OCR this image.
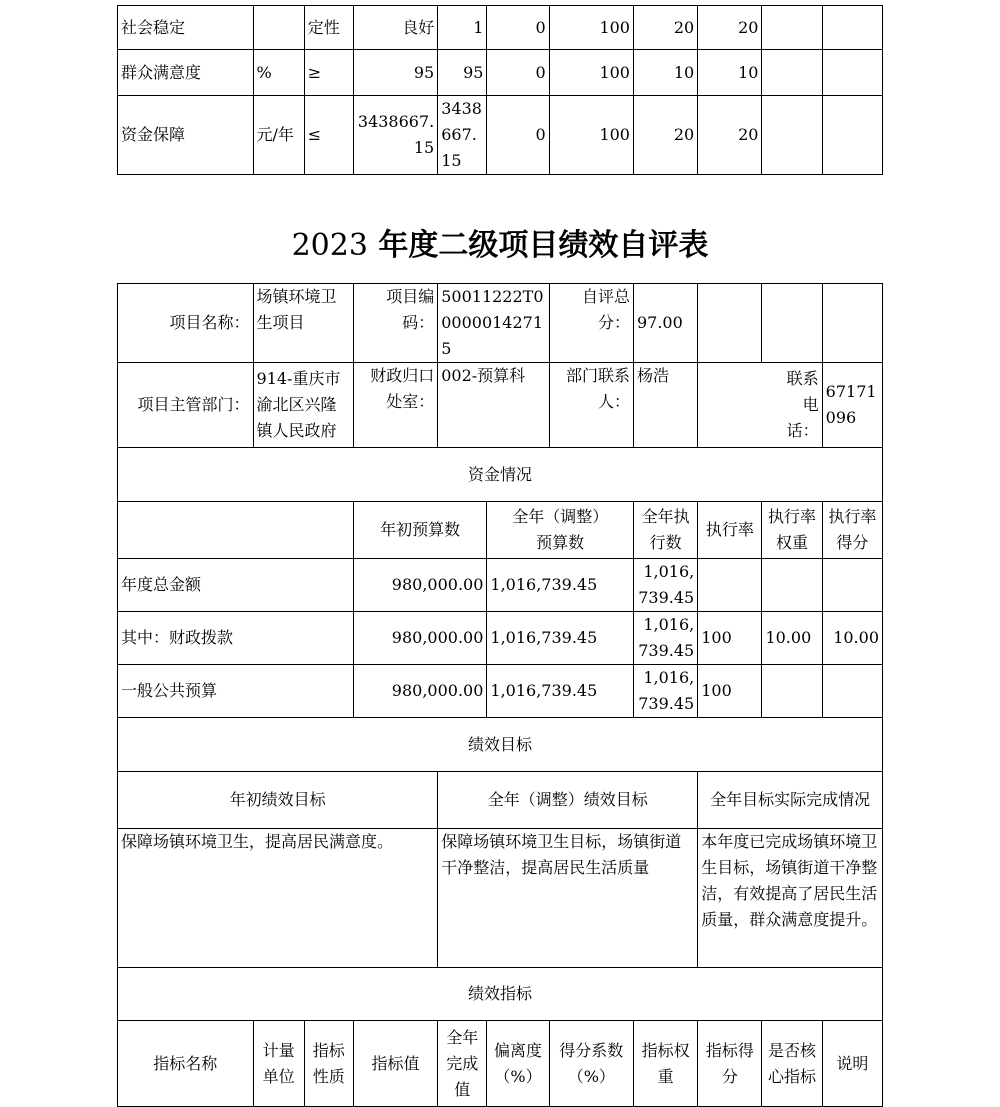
社会稳定		定性	良好	1	0	100	20	20		
群众满意度	%	≥	95	95	0	100	10	10		
资金保障	元/年	≤	3438667.15	3438667.15	0	100	20	20		
2023 年度二级项目绩效自评表
项目名称：	场镇环境卫生项目		项目编码：	50011222T000000142715		自评总分：	97.00			
项目主管部门：	914-重庆市渝北区兴隆镇人民政府		财政归口处室：	002-预算科		部门联系人：	杨浩	联系电话：		67171096
资金情况										
			年初预算数		全年（调整）预算数		全年执行数	执行率	执行率权重	执行率得分
年度总金额			980,000.00		1,016,739.45		1,016,739.45			
其中：财政拨款			980,000.00		1,016,739.45		1,016,739.45	100	10.00	10.00
一般公共预算			980,000.00		1,016,739.45		1,016,739.45	100		
绩效目标										
年初绩效目标				全年（调整）绩效目标				全年目标实际完成情况		
保障场镇环境卫生，提高居民满意度。				保障场镇环境卫生目标，场镇街道干净整洁，提高居民生活质量				本年度已完成场镇环境卫生目标，场镇街道干净整洁，有效提高了居民生活质量，群众满意度提升。		
绩效指标										
指标名称	计量单位	指标性质	指标值	全年完成值	偏离度（%）	得分系数（%）	指标权重	指标得分	是否核心指标	说明
